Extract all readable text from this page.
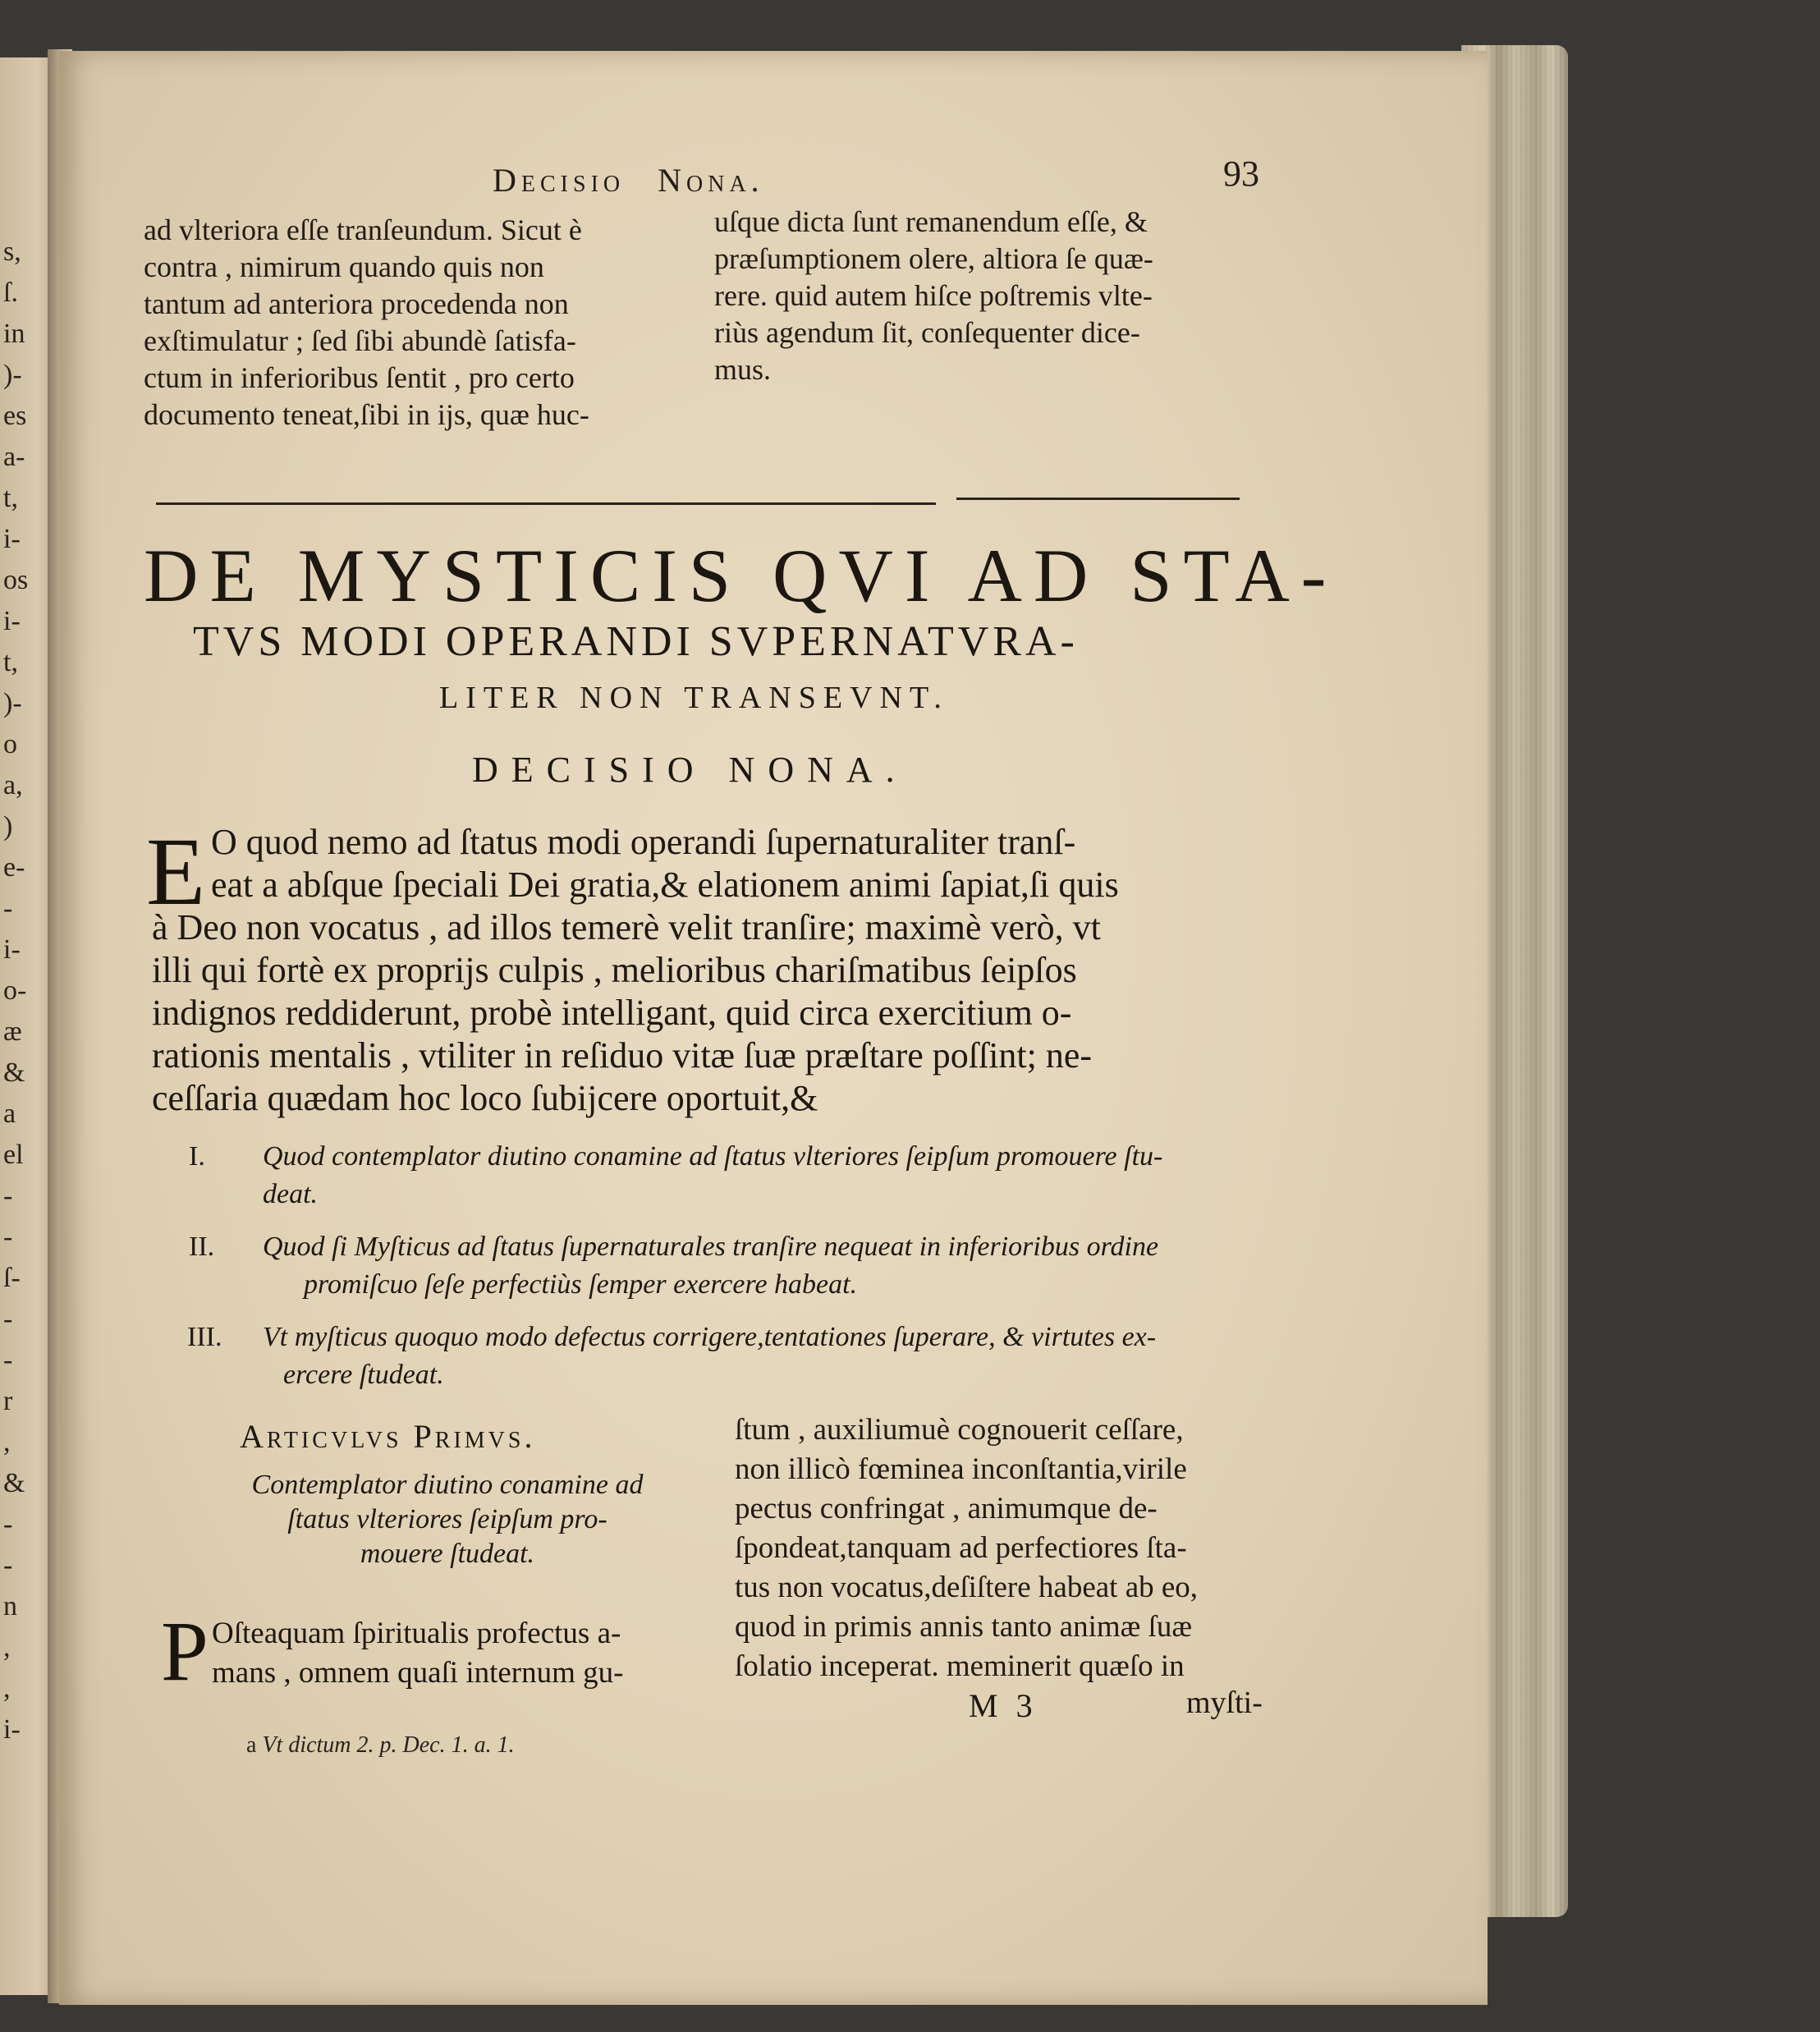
s,
ſ.
in
)-
es
a-
t,
i-
os
i-
t,
)-
o
a,
)
e-
-
i-
o-
æ
&
a
el
-
-
ſ-
-
-
r
,
&
-
-
n
,
,
i-
Decisio Nona.	93
ad vlteriora eſſe tranſeundum. Sicut è
contra , nimirum quando quis non
tantum ad anteriora procedenda non
exſtimulatur ; ſed ſibi abundè ſatisfa-
ctum in inferioribus ſentit , pro certo
documento teneat,ſibi in ijs, quæ huc-
uſque dicta ſunt remanendum eſſe, &
præſumptionem olere, altiora ſe quæ-
rere. quid autem hiſce poſtremis vlte-
riùs agendum ſit, conſequenter dice-
mus.
DE MYSTICIS QVI AD STA-
TVS MODI OPERANDI SVPERNATVRA-
LITER NON TRANSEVNT.
DECISIO NONA.
E O quod nemo ad ſtatus modi operandi ſupernaturaliter tranſ-
eat a abſque ſpeciali Dei gratia,& elationem animi ſapiat,ſi quis
à Deo non vocatus , ad illos temerè velit tranſire; maximè verò, vt
illi qui fortè ex proprijs culpis , melioribus chariſmatibus ſeipſos
indignos reddiderunt, probè intelligant, quid circa exercitium o-
rationis mentalis , vtiliter in reſiduo vitæ ſuæ præſtare poſſint; ne-
ceſſaria quædam hoc loco ſubijcere oportuit,&
I. Quod contemplator diutino conamine ad ſtatus vlteriores ſeipſum promouere ſtu-
deat.
II. Quod ſi Myſticus ad ſtatus ſupernaturales tranſire nequeat in inferioribus ordine
promiſcuo ſeſe perfectiùs ſemper exercere habeat.
III. Vt myſticus quoquo modo defectus corrigere,tentationes ſuperare, & virtutes ex-
ercere ſtudeat.
Articvlvs Primvs.
Contemplator diutino conamine ad
ſtatus vlteriores ſeipſum pro-
mouere ſtudeat.
P Oſteaquam ſpiritualis profectus a-
mans , omnem quaſi internum gu-
ſtum , auxiliumuè cognouerit ceſſare,
non illicò fœminea inconſtantia,virile
pectus confringat , animumque de-
ſpondeat,tanquam ad perfectiores ſta-
tus non vocatus,deſiſtere habeat ab eo,
quod in primis annis tanto animæ ſuæ
ſolatio inceperat. meminerit quæſo in
M 3	myſti-
a Vt dictum 2. p. Dec. 1. a. 1.
